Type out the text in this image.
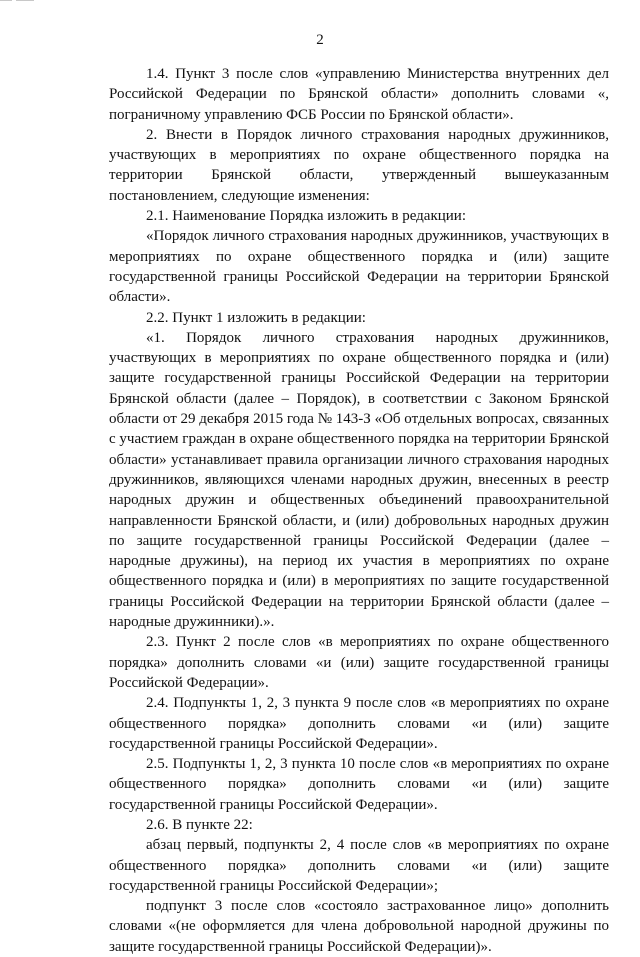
2

1.4. Пункт 3 после слов «управлению Министерства внутренних дел Российской Федерации по Брянской области» дополнить словами «, пограничному управлению ФСБ России по Брянской области».

2. Внести в Порядок личного страхования народных дружинников, участвующих в мероприятиях по охране общественного порядка на территории Брянской области, утвержденный вышеуказанным постановлением, следующие изменения:

2.1. Наименование Порядка изложить в редакции:

«Порядок личного страхования народных дружинников, участвующих в мероприятиях по охране общественного порядка и (или) защите государственной границы Российской Федерации на территории Брянской области».

2.2. Пункт 1 изложить в редакции:

«1. Порядок личного страхования народных дружинников, участвующих в мероприятиях по охране общественного порядка и (или) защите государственной границы Российской Федерации на территории Брянской области (далее – Порядок), в соответствии с Законом Брянской области от 29 декабря 2015 года № 143-З «Об отдельных вопросах, связанных с участием граждан в охране общественного порядка на территории Брянской области» устанавливает правила организации личного страхования народных дружинников, являющихся членами народных дружин, внесенных в реестр народных дружин и общественных объединений правоохранительной направленности Брянской области, и (или) добровольных народных дружин по защите государственной границы Российской Федерации (далее – народные дружины), на период их участия в мероприятиях по охране общественного порядка и (или) в мероприятиях по защите государственной границы Российской Федерации на территории Брянской области (далее – народные дружинники).».

2.3. Пункт 2 после слов «в мероприятиях по охране общественного порядка» дополнить словами «и (или) защите государственной границы Российской Федерации».

2.4. Подпункты 1, 2, 3 пункта 9 после слов «в мероприятиях по охране общественного порядка» дополнить словами «и (или) защите государственной границы Российской Федерации».

2.5. Подпункты 1, 2, 3 пункта 10 после слов «в мероприятиях по охране общественного порядка» дополнить словами «и (или) защите государственной границы Российской Федерации».

2.6. В пункте 22:

абзац первый, подпункты 2, 4 после слов «в мероприятиях по охране общественного порядка» дополнить словами «и (или) защите государственной границы Российской Федерации»;

подпункт 3 после слов «состояло застрахованное лицо» дополнить словами «(не оформляется для члена добровольной народной дружины по защите государственной границы Российской Федерации)».
